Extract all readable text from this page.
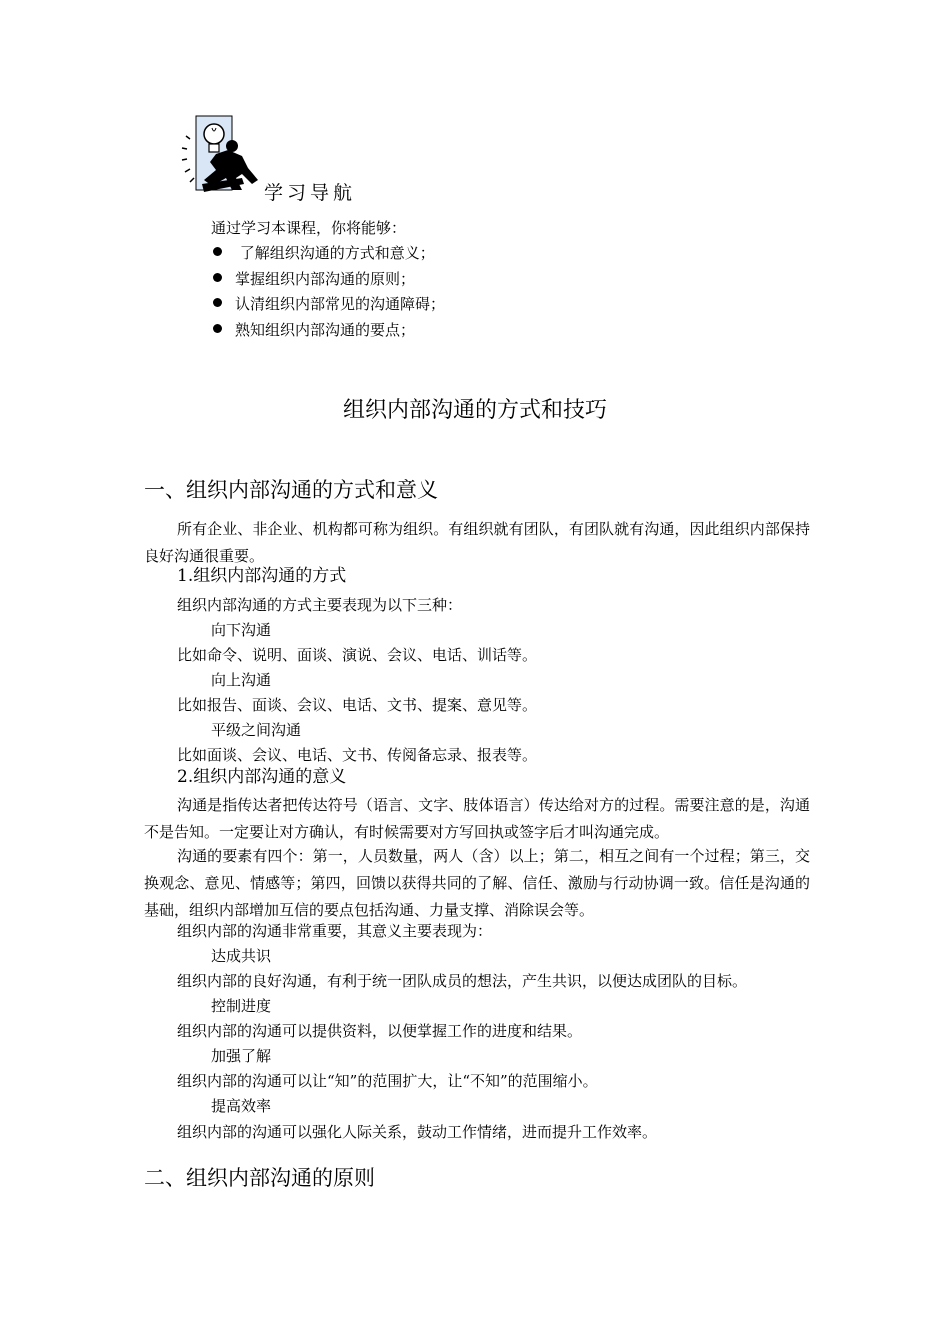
学习导航
通过学习本课程，你将能够：
了解组织沟通的方式和意义；
掌握组织内部沟通的原则；
认清组织内部常见的沟通障碍；
熟知组织内部沟通的要点；
组织内部沟通的方式和技巧
一、组织内部沟通的方式和意义
所有企业、非企业、机构都可称为组织。有组织就有团队，有团队就有沟通，因此组织内部保持良好沟通很重要。
1.组织内部沟通的方式
组织内部沟通的方式主要表现为以下三种：
向下沟通
比如命令、说明、面谈、演说、会议、电话、训话等。
向上沟通
比如报告、面谈、会议、电话、文书、提案、意见等。
平级之间沟通
比如面谈、会议、电话、文书、传阅备忘录、报表等。
2.组织内部沟通的意义
沟通是指传达者把传达符号（语言、文字、肢体语言）传达给对方的过程。需要注意的是，沟通不是告知。一定要让对方确认，有时候需要对方写回执或签字后才叫沟通完成。
沟通的要素有四个：第一，人员数量，两人（含）以上；第二，相互之间有一个过程；第三，交换观念、意见、情感等；第四，回馈以获得共同的了解、信任、激励与行动协调一致。信任是沟通的基础，组织内部增加互信的要点包括沟通、力量支撑、消除误会等。
组织内部的沟通非常重要，其意义主要表现为：
达成共识
组织内部的良好沟通，有利于统一团队成员的想法，产生共识，以便达成团队的目标。
控制进度
组织内部的沟通可以提供资料，以便掌握工作的进度和结果。
加强了解
组织内部的沟通可以让“知”的范围扩大，让“不知”的范围缩小。
提高效率
组织内部的沟通可以强化人际关系，鼓动工作情绪，进而提升工作效率。
二、组织内部沟通的原则
